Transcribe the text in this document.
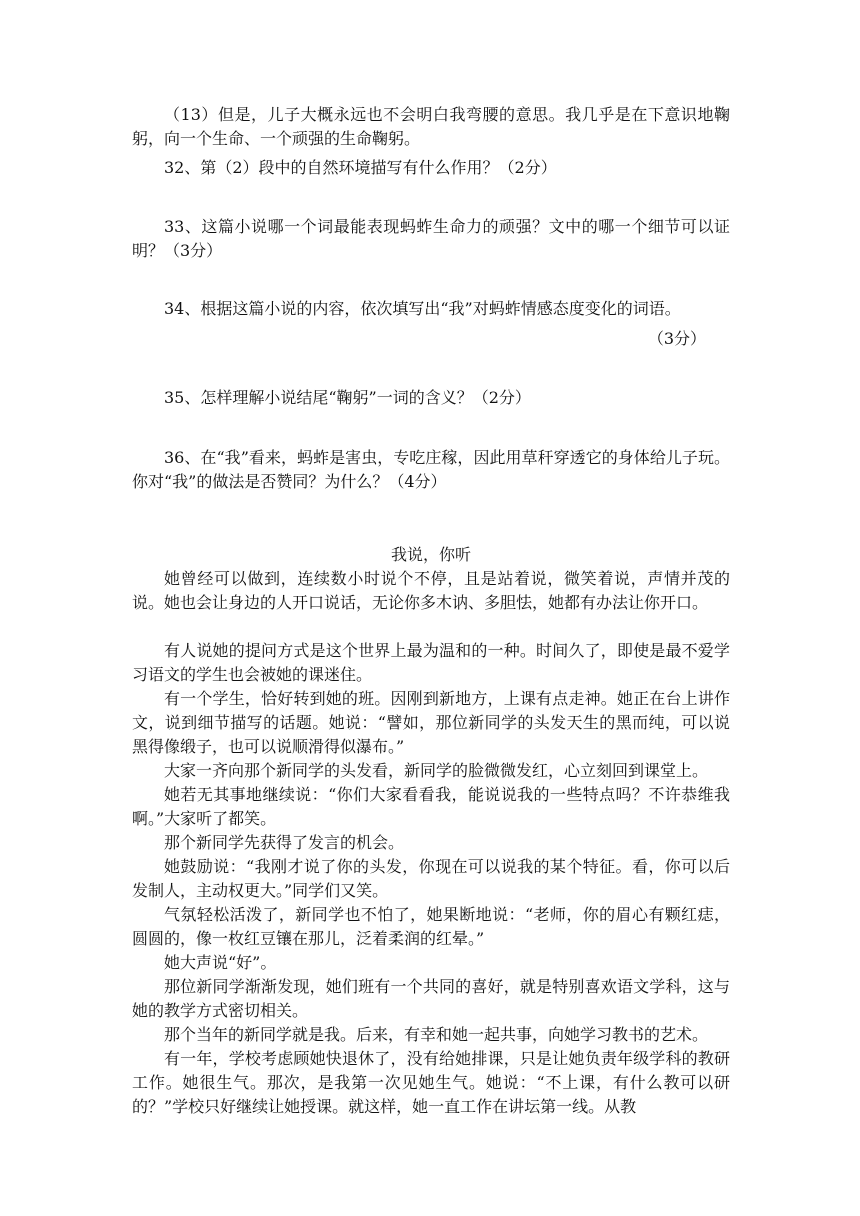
（13）但是，儿子大概永远也不会明白我弯腰的意思。我几乎是在下意识地鞠躬，向一个生命、一个顽强的生命鞠躬。

32、第（2）段中的自然环境描写有什么作用？（2分）

33、这篇小说哪一个词最能表现蚂蚱生命力的顽强？文中的哪一个细节可以证明？（3分）

34、根据这篇小说的内容，依次填写出“我”对蚂蚱情感态度变化的词语。

（3分）

35、怎样理解小说结尾“鞠躬”一词的含义？（2分）

36、在“我”看来，蚂蚱是害虫，专吃庄稼，因此用草秆穿透它的身体给儿子玩。你对“我”的做法是否赞同？为什么？（4分）

我说，你听

她曾经可以做到，连续数小时说个不停，且是站着说，微笑着说，声情并茂的说。她也会让身边的人开口说话，无论你多木讷、多胆怯，她都有办法让你开口。

有人说她的提问方式是这个世界上最为温和的一种。时间久了，即使是最不爱学习语文的学生也会被她的课迷住。

有一个学生，恰好转到她的班。因刚到新地方，上课有点走神。她正在台上讲作文，说到细节描写的话题。她说：“譬如，那位新同学的头发天生的黑而纯，可以说黑得像缎子，也可以说顺滑得似瀑布。”

大家一齐向那个新同学的头发看，新同学的脸微微发红，心立刻回到课堂上。

她若无其事地继续说：“你们大家看看我，能说说我的一些特点吗？不许恭维我啊。”大家听了都笑。

那个新同学先获得了发言的机会。

她鼓励说：“我刚才说了你的头发，你现在可以说我的某个特征。看，你可以后发制人，主动权更大。”同学们又笑。

气氛轻松活泼了，新同学也不怕了，她果断地说：“老师，你的眉心有颗红痣，圆圆的，像一枚红豆镶在那儿，泛着柔润的红晕。”

她大声说“好”。

那位新同学渐渐发现，她们班有一个共同的喜好，就是特别喜欢语文学科，这与她的教学方式密切相关。

那个当年的新同学就是我。后来，有幸和她一起共事，向她学习教书的艺术。

有一年，学校考虑顾她快退休了，没有给她排课，只是让她负责年级学科的教研工作。她很生气。那次，是我第一次见她生气。她说：“不上课，有什么教可以研的？”学校只好继续让她授课。就这样，她一直工作在讲坛第一线。从教
